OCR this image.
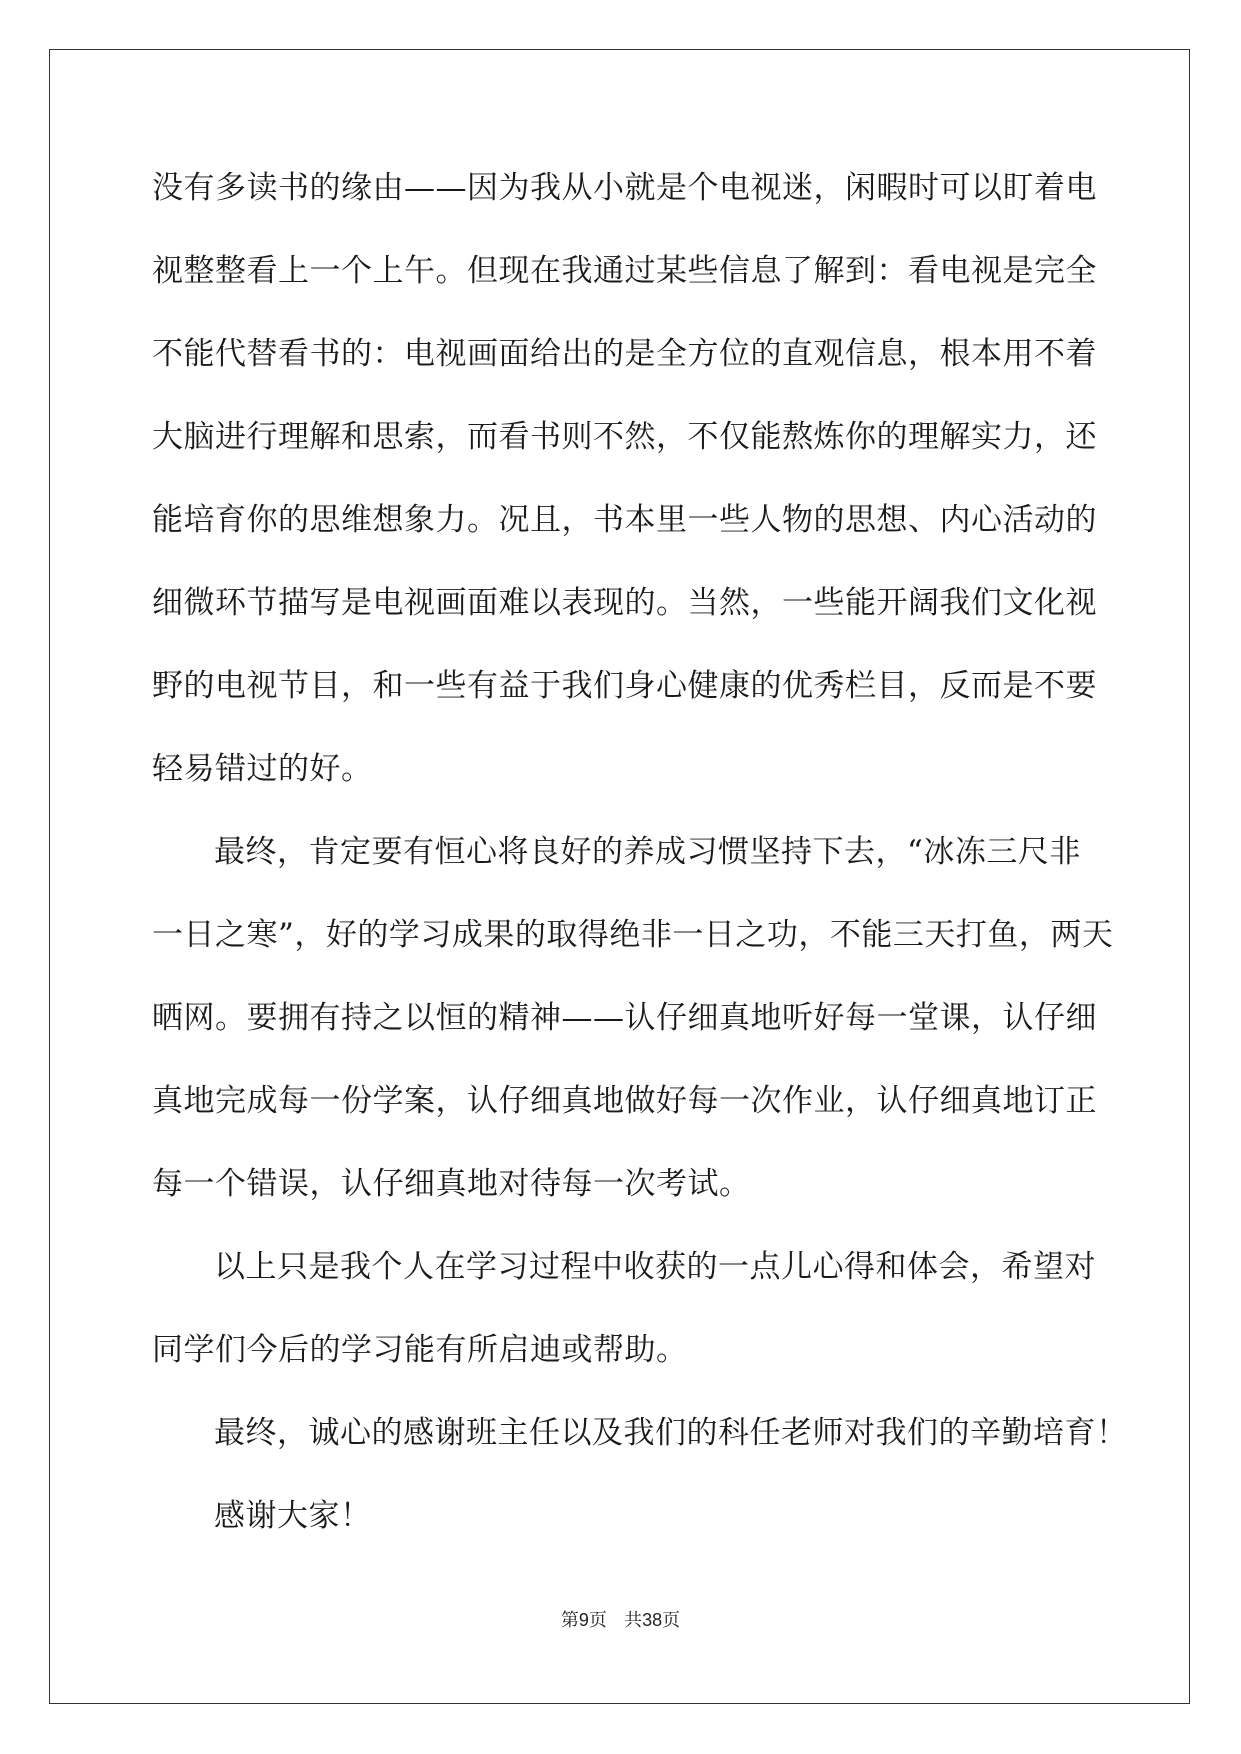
没有多读书的缘由——因为我从小就是个电视迷，闲暇时可以盯着电
视整整看上一个上午。但现在我通过某些信息了解到：看电视是完全
不能代替看书的：电视画面给出的是全方位的直观信息，根本用不着
大脑进行理解和思索，而看书则不然，不仅能熬炼你的理解实力，还
能培育你的思维想象力。况且，书本里一些人物的思想、内心活动的
细微环节描写是电视画面难以表现的。当然，一些能开阔我们文化视
野的电视节目，和一些有益于我们身心健康的优秀栏目，反而是不要
轻易错过的好。
最终，肯定要有恒心将良好的养成习惯坚持下去，“冰冻三尺非
一日之寒”，好的学习成果的取得绝非一日之功，不能三天打鱼，两天
晒网。要拥有持之以恒的精神——认仔细真地听好每一堂课，认仔细
真地完成每一份学案，认仔细真地做好每一次作业，认仔细真地订正
每一个错误，认仔细真地对待每一次考试。
以上只是我个人在学习过程中收获的一点儿心得和体会，希望对
同学们今后的学习能有所启迪或帮助。
最终，诚心的感谢班主任以及我们的科任老师对我们的辛勤培育！
感谢大家！
第9页 共38页
